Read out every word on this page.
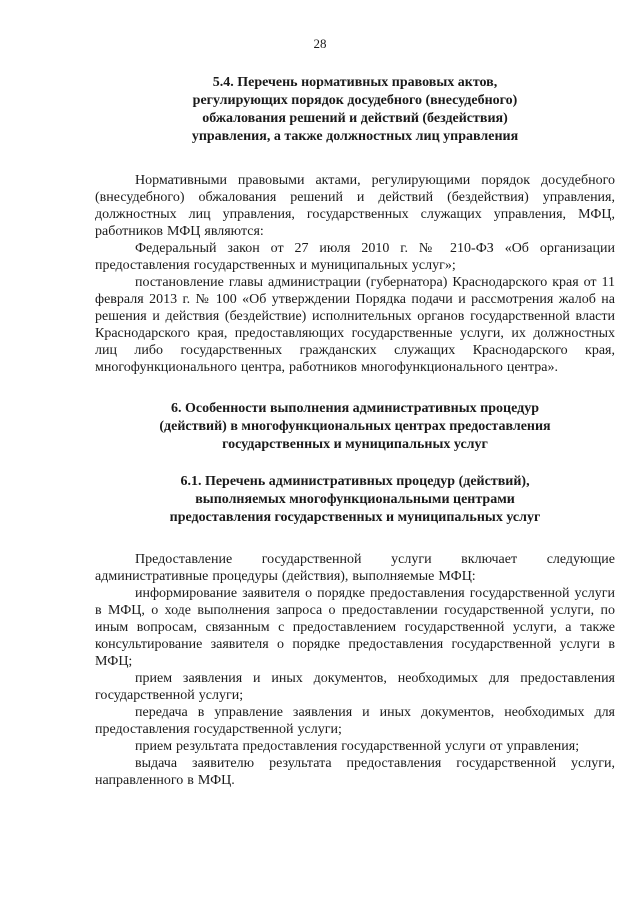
28
5.4. Перечень нормативных правовых актов,
регулирующих порядок досудебного (внесудебного)
обжалования решений и действий (бездействия)
управления, а также должностных лиц управления

Нормативными правовыми актами, регулирующими порядок досудебного (внесудебного) обжалования решений и действий (бездействия) управления, должностных лиц управления, государственных служащих управления, МФЦ, работников МФЦ являются:

Федеральный закон от 27 июля 2010 г. № 210-ФЗ «Об организации предоставления государственных и муниципальных услуг»;

постановление главы администрации (губернатора) Краснодарского края от 11 февраля 2013 г. № 100 «Об утверждении Порядка подачи и рассмотрения жалоб на решения и действия (бездействие) исполнительных органов государственной власти Краснодарского края, предоставляющих государственные услуги, их должностных лиц либо государственных гражданских служащих Краснодарского края, многофункционального центра, работников многофункционального центра».

6. Особенности выполнения административных процедур
(действий) в многофункциональных центрах предоставления
государственных и муниципальных услуг
6.1. Перечень административных процедур (действий),
выполняемых многофункциональными центрами
предоставления государственных и муниципальных услуг

Предоставление государственной услуги включает следующие административные процедуры (действия), выполняемые МФЦ:

информирование заявителя о порядке предоставления государственной услуги в МФЦ, о ходе выполнения запроса о предоставлении государственной услуги, по иным вопросам, связанным с предоставлением государственной услуги, а также консультирование заявителя о порядке предоставления государственной услуги в МФЦ;

прием заявления и иных документов, необходимых для предоставления государственной услуги;

передача в управление заявления и иных документов, необходимых для предоставления государственной услуги;

прием результата предоставления государственной услуги от управления;

выдача заявителю результата предоставления государственной услуги, направленного в МФЦ.
